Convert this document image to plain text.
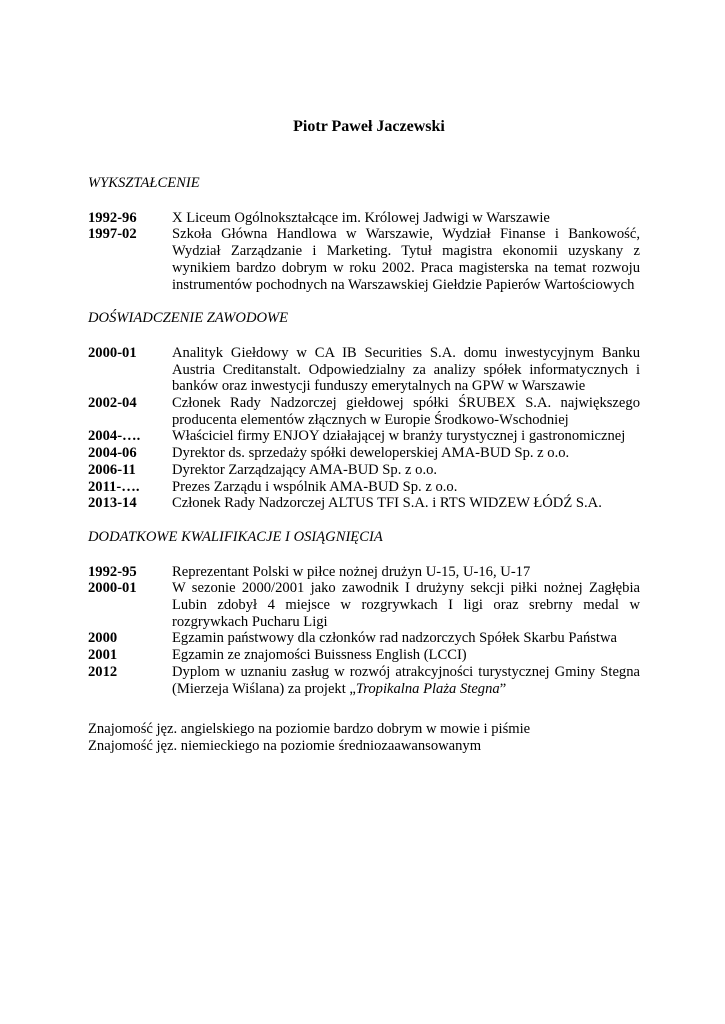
Piotr Paweł Jaczewski
WYKSZTAŁCENIE
1992-96	X Liceum Ogólnokształcące im. Królowej Jadwigi w Warszawie
1997-02	Szkoła Główna Handlowa w Warszawie, Wydział Finanse i Bankowość, Wydział Zarządzanie i Marketing. Tytuł magistra ekonomii uzyskany z wynikiem bardzo dobrym w roku 2002. Praca magisterska na temat rozwoju instrumentów pochodnych na Warszawskiej Giełdzie Papierów Wartościowych
DOŚWIADCZENIE ZAWODOWE
2000-01	Analityk Giełdowy w CA IB Securities S.A. domu inwestycyjnym Banku Austria Creditanstalt. Odpowiedzialny za analizy spółek informatycznych i banków oraz inwestycji funduszy emerytalnych na GPW w Warszawie
2002-04	Członek Rady Nadzorczej giełdowej spółki ŚRUBEX S.A. największego producenta elementów złącznych w Europie Środkowo-Wschodniej
2004-….	Właściciel firmy ENJOY działającej w branży turystycznej i gastronomicznej
2004-06	Dyrektor ds. sprzedaży spółki deweloperskiej AMA-BUD Sp. z o.o.
2006-11	Dyrektor Zarządzający AMA-BUD Sp. z o.o.
2011-….	Prezes Zarządu i wspólnik AMA-BUD Sp. z o.o.
2013-14	Członek Rady Nadzorczej ALTUS TFI S.A. i RTS WIDZEW ŁÓDŹ S.A.
DODATKOWE KWALIFIKACJE I OSIĄGNIĘCIA
1992-95	Reprezentant Polski w piłce nożnej drużyn U-15, U-16, U-17
2000-01	W sezonie 2000/2001 jako zawodnik I drużyny sekcji piłki nożnej Zagłębia Lubin zdobył 4 miejsce w rozgrywkach I ligi oraz srebrny medal w rozgrywkach Pucharu Ligi
2000	Egzamin państwowy dla członków rad nadzorczych Spółek Skarbu Państwa
2001	Egzamin ze znajomości Buissness English (LCCI)
2012	Dyplom w uznaniu zasług w rozwój atrakcyjności turystycznej Gminy Stegna (Mierzeja Wiślana) za projekt „Tropikalna Plaża Stegna”
Znajomość jęz. angielskiego na poziomie bardzo dobrym w mowie i piśmie
Znajomość jęz. niemieckiego na poziomie średniozaawansowanym
